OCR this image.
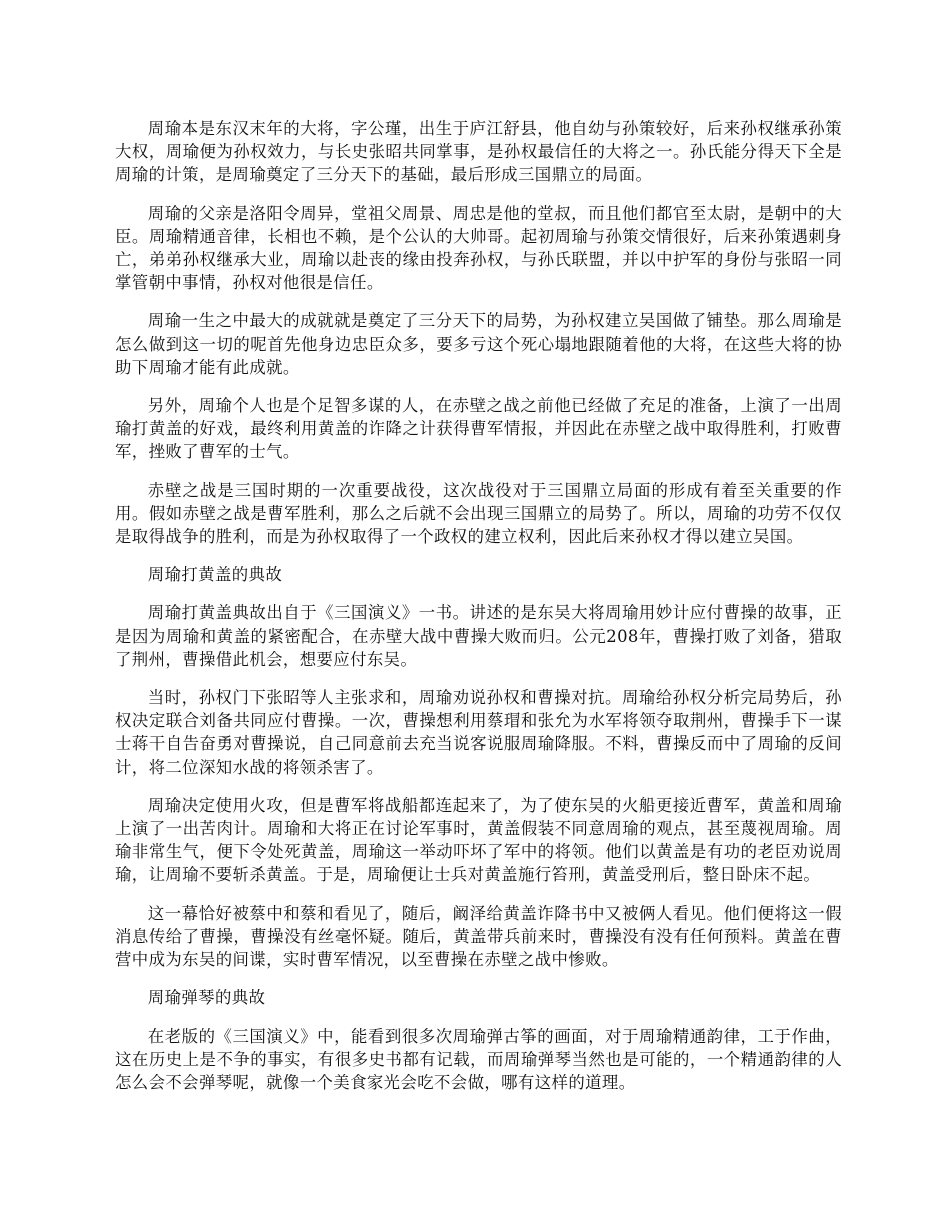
周瑜本是东汉末年的大将，字公瑾，出生于庐江舒县，他自幼与孙策较好，后来孙权继承孙策大权，周瑜便为孙权效力，与长史张昭共同掌事，是孙权最信任的大将之一。孙氏能分得天下全是周瑜的计策，是周瑜奠定了三分天下的基础，最后形成三国鼎立的局面。

周瑜的父亲是洛阳令周异，堂祖父周景、周忠是他的堂叔，而且他们都官至太尉，是朝中的大臣。周瑜精通音律，长相也不赖，是个公认的大帅哥。起初周瑜与孙策交情很好，后来孙策遇刺身亡，弟弟孙权继承大业，周瑜以赴丧的缘由投奔孙权，与孙氏联盟，并以中护军的身份与张昭一同掌管朝中事情，孙权对他很是信任。

周瑜一生之中最大的成就就是奠定了三分天下的局势，为孙权建立吴国做了铺垫。那么周瑜是怎么做到这一切的呢首先他身边忠臣众多，要多亏这个死心塌地跟随着他的大将，在这些大将的协助下周瑜才能有此成就。

另外，周瑜个人也是个足智多谋的人，在赤壁之战之前他已经做了充足的准备，上演了一出周瑜打黄盖的好戏，最终利用黄盖的诈降之计获得曹军情报，并因此在赤壁之战中取得胜利，打败曹军，挫败了曹军的士气。

赤壁之战是三国时期的一次重要战役，这次战役对于三国鼎立局面的形成有着至关重要的作用。假如赤壁之战是曹军胜利，那么之后就不会出现三国鼎立的局势了。所以，周瑜的功劳不仅仅是取得战争的胜利，而是为孙权取得了一个政权的建立权利，因此后来孙权才得以建立吴国。

周瑜打黄盖的典故

周瑜打黄盖典故出自于《三国演义》一书。讲述的是东吴大将周瑜用妙计应付曹操的故事，正是因为周瑜和黄盖的紧密配合，在赤壁大战中曹操大败而归。公元208年，曹操打败了刘备，猎取了荆州，曹操借此机会，想要应付东吴。

当时，孙权门下张昭等人主张求和，周瑜劝说孙权和曹操对抗。周瑜给孙权分析完局势后，孙权决定联合刘备共同应付曹操。一次，曹操想利用蔡瑁和张允为水军将领夺取荆州，曹操手下一谋士蒋干自告奋勇对曹操说，自己同意前去充当说客说服周瑜降服。不料，曹操反而中了周瑜的反间计，将二位深知水战的将领杀害了。

周瑜决定使用火攻，但是曹军将战船都连起来了，为了使东吴的火船更接近曹军，黄盖和周瑜上演了一出苦肉计。周瑜和大将正在讨论军事时，黄盖假装不同意周瑜的观点，甚至蔑视周瑜。周瑜非常生气，便下令处死黄盖，周瑜这一举动吓坏了军中的将领。他们以黄盖是有功的老臣劝说周瑜，让周瑜不要斩杀黄盖。于是，周瑜便让士兵对黄盖施行笞刑，黄盖受刑后，整日卧床不起。

这一幕恰好被蔡中和蔡和看见了，随后，阚泽给黄盖诈降书中又被俩人看见。他们便将这一假消息传给了曹操，曹操没有丝毫怀疑。随后，黄盖带兵前来时，曹操没有没有任何预料。黄盖在曹营中成为东吴的间谍，实时曹军情况，以至曹操在赤壁之战中惨败。

周瑜弹琴的典故

在老版的《三国演义》中，能看到很多次周瑜弹古筝的画面，对于周瑜精通韵律，工于作曲，这在历史上是不争的事实，有很多史书都有记载，而周瑜弹琴当然也是可能的，一个精通韵律的人怎么会不会弹琴呢，就像一个美食家光会吃不会做，哪有这样的道理。
